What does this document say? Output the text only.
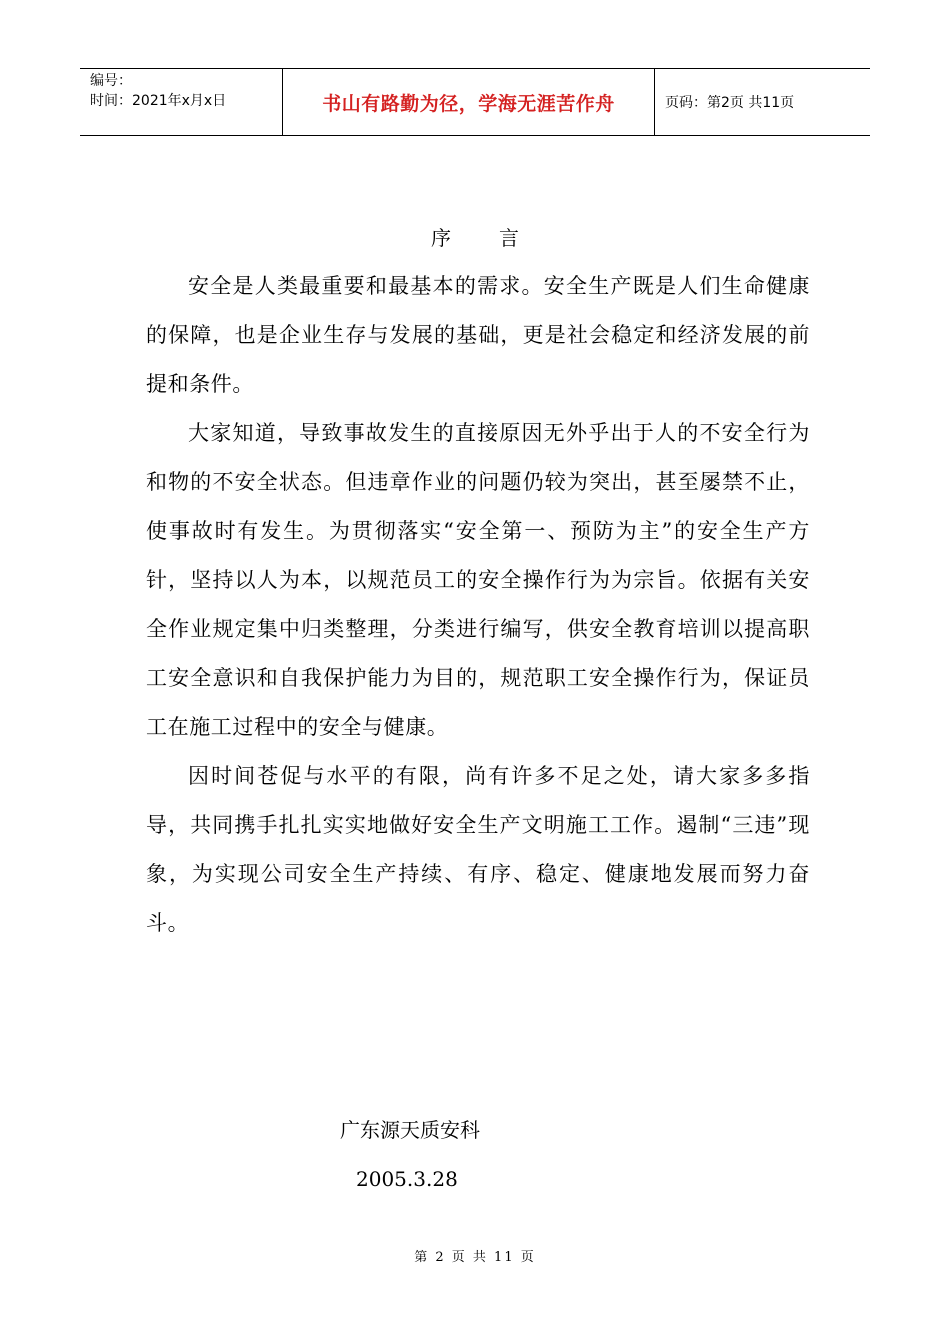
编号：
时间：2021年x月x日	书山有路勤为径，学海无涯苦作舟	页码：第2页 共11页
序言

安全是人类最重要和最基本的需求。安全生产既是人们生命健康的保障，也是企业生存与发展的基础，更是社会稳定和经济发展的前提和条件。

大家知道，导致事故发生的直接原因无外乎出于人的不安全行为和物的不安全状态。但违章作业的问题仍较为突出，甚至屡禁不止，使事故时有发生。为贯彻落实“安全第一、预防为主”的安全生产方针，坚持以人为本，以规范员工的安全操作行为为宗旨。依据有关安全作业规定集中归类整理，分类进行编写，供安全教育培训以提高职工安全意识和自我保护能力为目的，规范职工安全操作行为，保证员工在施工过程中的安全与健康。

因时间苍促与水平的有限，尚有许多不足之处，请大家多多指导，共同携手扎扎实实地做好安全生产文明施工工作。遏制“三违”现象，为实现公司安全生产持续、有序、稳定、健康地发展而努力奋斗。

广东源天质安科
2005.3.28
第 2 页 共 11 页
